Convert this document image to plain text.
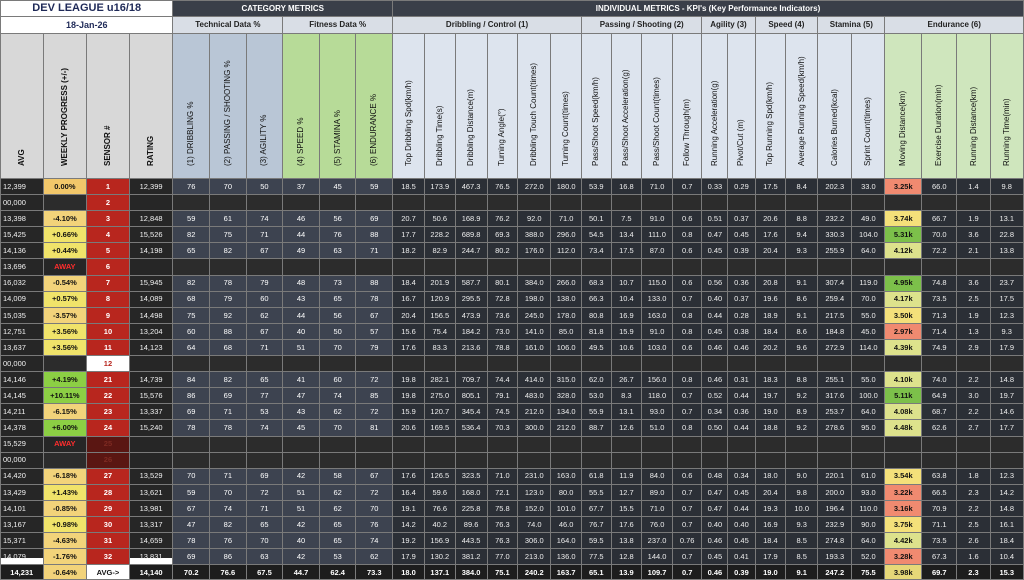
DEV LEAGUE u16/18				CATEGORY METRICS						INDIVIDUAL METRICS - KPI's (Key Performance Indicators)																			
18-Jan-26				Technical Data %			Fitness Data %			Dribbling / Control (1)						Passing / Shooting (2)				Agility (3)		Speed (4)		Stamina (5)		Endurance (6)			

AVG	WEEKLY PROGRESS (+/-)	SENSOR #	RATING	(1) DRIBBLING %	(2) PASSING / SHOOTING %	(3) AGILITY %	(4) SPEED %	(5) STAMINA %	(6) ENDURANCE %	Top Dribbling Spd(km/h)	Dribbling Time(s)	Dribbling Distance(m)	Turning Angle(°)	Dribbling Touch Count(times)	Turning Count(times)	Pass/Shoot Speed(km/h)	Pass/Shoot Acceleration(g)	Pass/Shoot Count(times)	Follow Through(m)	Running Acceleration(g)	Pivot/Cut (m)	Top Running Spd(km/h)	Average Running Speed(km/h)	Calories Burned(kcal)	Sprint Count(times)	Moving Distance(km)	Exercise Duration(min)	Running Distance(km)	Running Time(min)

12,399	0.00%	1	12,399	76	70	50	37	45	59	18.5	173.9	467.3	76.5	272.0	180.0	53.9	16.8	71.0	0.7	0.33	0.29	17.5	8.4	202.3	33.0	3.25k	66.0	1.4	9.8
00,000		2																											
13,398	-4.10%	3	12,848	59	61	74	46	56	69	20.7	50.6	168.9	76.2	92.0	71.0	50.1	7.5	91.0	0.6	0.51	0.37	20.6	8.8	232.2	49.0	3.74k	66.7	1.9	13.1
15,425	+0.66%	4	15,526	82	75	71	44	76	88	17.7	228.2	689.8	69.3	388.0	296.0	54.5	13.4	111.0	0.8	0.47	0.45	17.6	9.4	330.3	104.0	5.31k	70.0	3.6	22.8
14,136	+0.44%	5	14,198	65	82	67	49	63	71	18.2	82.9	244.7	80.2	176.0	112.0	73.4	17.5	87.0	0.6	0.45	0.39	20.4	9.3	255.9	64.0	4.12k	72.2	2.1	13.8
13,696	AWAY	6																											
16,032	-0.54%	7	15,945	82	78	79	48	73	88	18.4	201.9	587.7	80.1	384.0	266.0	68.3	10.7	115.0	0.6	0.56	0.36	20.8	9.1	307.4	119.0	4.95k	74.8	3.6	23.7
14,009	+0.57%	8	14,089	68	79	60	43	65	78	16.7	120.9	295.5	72.8	198.0	138.0	66.3	10.4	133.0	0.7	0.40	0.37	19.6	8.6	259.4	70.0	4.17k	73.5	2.5	17.5
15,035	-3.57%	9	14,498	75	92	62	44	56	67	20.4	156.5	473.9	73.6	245.0	178.0	80.8	16.9	163.0	0.8	0.44	0.28	18.9	9.1	217.5	55.0	3.50k	71.3	1.9	12.3
12,751	+3.56%	10	13,204	60	88	67	40	50	57	15.6	75.4	184.2	73.0	141.0	85.0	81.8	15.9	91.0	0.8	0.45	0.38	18.4	8.6	184.8	45.0	2.97k	71.4	1.3	9.3
13,637	+3.56%	11	14,123	64	68	71	51	70	79	17.6	83.3	213.6	78.8	161.0	106.0	49.5	10.6	103.0	0.6	0.46	0.46	20.2	9.6	272.9	114.0	4.39k	74.9	2.9	17.9
00,000		12																											
14,146	+4.19%	21	14,739	84	82	65	41	60	72	19.8	282.1	709.7	74.4	414.0	315.0	62.0	26.7	156.0	0.8	0.46	0.31	18.3	8.8	255.1	55.0	4.10k	74.0	2.2	14.8
14,145	+10.11%	22	15,576	86	69	77	47	74	85	19.8	275.0	805.1	79.1	483.0	328.0	53.0	8.3	118.0	0.7	0.52	0.44	19.7	9.2	317.6	100.0	5.11k	64.9	3.0	19.7
14,211	-6.15%	23	13,337	69	71	53	43	62	72	15.9	120.7	345.4	74.5	212.0	134.0	55.9	13.1	93.0	0.7	0.34	0.36	19.0	8.9	253.7	64.0	4.08k	68.7	2.2	14.6
14,378	+6.00%	24	15,240	78	78	74	45	70	81	20.6	169.5	536.4	70.3	300.0	212.0	88.7	12.6	51.0	0.8	0.50	0.44	18.8	9.2	278.6	95.0	4.48k	62.6	2.7	17.7
15,529	AWAY	25																											
00,000		26																											
14,420	-6.18%	27	13,529	70	71	69	42	58	67	17.6	126.5	323.5	71.0	231.0	163.0	61.8	11.9	84.0	0.6	0.48	0.34	18.0	9.0	220.1	61.0	3.54k	63.8	1.8	12.3
13,429	+1.43%	28	13,621	59	70	72	51	62	72	16.4	59.6	168.0	72.1	123.0	80.0	55.5	12.7	89.0	0.7	0.47	0.45	20.4	9.8	200.0	93.0	3.22k	66.5	2.3	14.2
14,101	-0.85%	29	13,981	67	74	71	51	62	70	19.1	76.6	225.8	75.8	152.0	101.0	67.7	15.5	71.0	0.7	0.47	0.44	19.3	10.0	196.4	110.0	3.16k	70.9	2.2	14.8
13,167	+0.98%	30	13,317	47	82	65	42	65	76	14.2	40.2	89.6	76.3	74.0	46.0	76.7	17.6	76.0	0.7	0.40	0.40	16.9	9.3	232.9	90.0	3.75k	71.1	2.5	16.1
15,371	-4.63%	31	14,659	78	76	70	40	65	74	19.2	156.9	443.5	76.3	306.0	164.0	59.5	13.8	237.0	0.76	0.46	0.45	18.4	8.5	274.8	64.0	4.42k	73.5	2.6	18.4
14,079	-1.76%	32	13,831	69	86	63	42	53	62	17.9	130.2	381.2	77.0	213.0	136.0	77.5	12.8	144.0	0.7	0.45	0.41	17.9	8.5	193.3	52.0	3.28k	67.3	1.6	10.4
14,231	-0.64%	AVG->	14,140	70.2	76.6	67.5	44.7	62.4	73.3	18.0	137.1	384.0	75.1	240.2	163.7	65.1	13.9	109.7	0.7	0.46	0.39	19.0	9.1	247.2	75.5	3.98k	69.7	2.3	15.3
